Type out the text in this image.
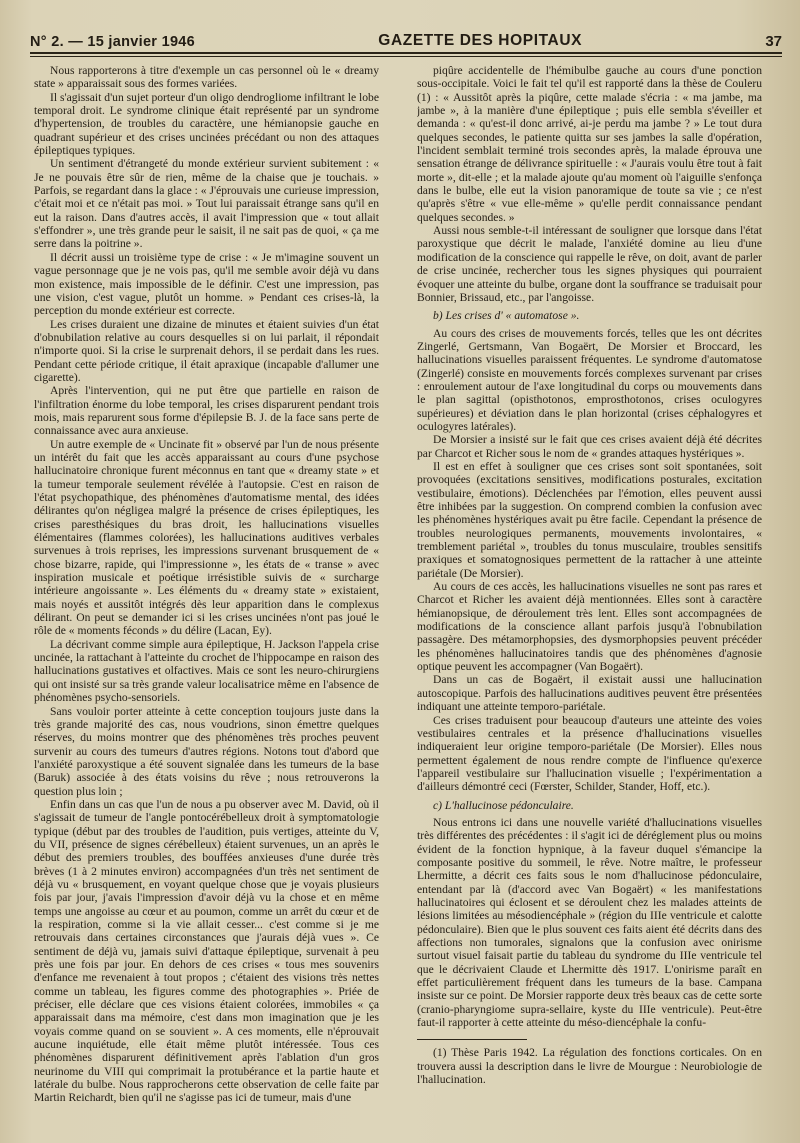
N° 2. — 15 janvier 1946	GAZETTE DES HOPITAUX	37

Nous rapporterons à titre d'exemple un cas personnel où le « dreamy state » apparaissait sous des formes variées.

Il s'agissait d'un sujet porteur d'un oligo dendrogliome infiltrant le lobe temporal droit. Le syndrome clinique était représenté par un syndrome d'hypertension, de troubles du caractère, une hémianopsie gauche en quadrant supérieur et des crises uncinées précédant ou non des attaques épileptiques typiques.

Un sentiment d'étrangeté du monde extérieur survient subitement : « Je ne pouvais être sûr de rien, même de la chaise que je touchais. » Parfois, se regardant dans la glace : « J'éprouvais une curieuse impression, c'était moi et ce n'était pas moi. » Tout lui paraissait étrange sans qu'il en eut la raison. Dans d'autres accès, il avait l'impression que « tout allait s'effondrer », une très grande peur le saisit, il ne sait pas de quoi, « ça me serre dans la poitrine ».

Il décrit aussi un troisième type de crise : « Je m'imagine souvent un vague personnage que je ne vois pas, qu'il me semble avoir déjà vu dans mon existence, mais impossible de le définir. C'est une impression, pas une vision, c'est vague, plutôt un homme. » Pendant ces crises-là, la perception du monde extérieur est correcte.

Les crises duraient une dizaine de minutes et étaient suivies d'un état d'obnubilation relative au cours desquelles si on lui parlait, il répondait n'importe quoi. Si la crise le surprenait dehors, il se perdait dans les rues. Pendant cette période critique, il était apraxique (incapable d'allumer une cigarette).

Après l'intervention, qui ne put être que partielle en raison de l'infiltration énorme du lobe temporal, les crises disparurent pendant trois mois, mais reparurent sous forme d'épilepsie B. J. de la face sans perte de connaissance avec aura anxieuse.

Un autre exemple de « Uncinate fit » observé par l'un de nous présente un intérêt du fait que les accès apparaissant au cours d'une psychose hallucinatoire chronique furent méconnus en tant que « dreamy state » et la tumeur temporale seulement révélée à l'autopsie. C'est en raison de l'état psychopathique, des phénomènes d'automatisme mental, des idées délirantes qu'on négligea malgré la présence de crises épileptiques, les crises paresthésiques du bras droit, les hallucinations visuelles élémentaires (flammes colorées), les hallucinations auditives verbales survenues à trois reprises, les impressions survenant brusquement de « chose bizarre, rapide, qui l'impressionne », les états de « transe » avec inspiration musicale et poétique irrésistible suivis de « surcharge intérieure angoissante ». Les éléments du « dreamy state » existaient, mais noyés et aussitôt intégrés dès leur apparition dans le complexus délirant. On peut se demander ici si les crises uncinées n'ont pas joué le rôle de « moments féconds » du délire (Lacan, Ey).

La décrivant comme simple aura épileptique, H. Jackson l'appela crise uncinée, la rattachant à l'atteinte du crochet de l'hippocampe en raison des hallucinations gustatives et olfactives. Mais ce sont les neuro-chirurgiens qui ont insisté sur sa très grande valeur localisatrice même en l'absence de phénomènes psycho-sensoriels.

Sans vouloir porter atteinte à cette conception toujours juste dans la très grande majorité des cas, nous voudrions, sinon émettre quelques réserves, du moins montrer que des phénomènes très proches peuvent survenir au cours des tumeurs d'autres régions. Notons tout d'abord que l'anxiété paroxystique a été souvent signalée dans les tumeurs de la base (Baruk) associée à des états voisins du rêve ; nous retrouverons la question plus loin ;

Enfin dans un cas que l'un de nous a pu observer avec M. David, où il s'agissait de tumeur de l'angle pontocérébelleux droit à symptomatologie typique (début par des troubles de l'audition, puis vertiges, atteinte du V, du VII, présence de signes cérébelleux) étaient survenues, un an après le début des premiers troubles, des bouffées anxieuses d'une durée très brèves (1 à 2 minutes environ) accompagnées d'un très net sentiment de déjà vu « brusquement, en voyant quelque chose que je voyais plusieurs fois par jour, j'avais l'impression d'avoir déjà vu la chose et en même temps une angoisse au cœur et au poumon, comme un arrêt du cœur et de la respiration, comme si la vie allait cesser... c'est comme si je me retrouvais dans certaines circonstances que j'aurais déjà vues ». Ce sentiment de déjà vu, jamais suivi d'attaque épileptique, survenait à peu près une fois par jour. En dehors de ces crises « tous mes souvenirs d'enfance me revenaient à tout propos ; c'étaient des visions très nettes comme un tableau, les figures comme des photographies ». Priée de préciser, elle déclare que ces visions étaient colorées, immobiles « ça apparaissait dans ma mémoire, c'est dans mon imagination que je les voyais comme quand on se souvient ». A ces moments, elle n'éprouvait aucune inquiétude, elle était même plutôt intéressée. Tous ces phénomènes disparurent définitivement après l'ablation d'un gros neurinome du VIII qui comprimait la protubérance et la partie haute et latérale du bulbe. Nous rapprocherons cette observation de celle faite par Martin Reichardt, bien qu'il ne s'agisse pas ici de tumeur, mais d'une

piqûre accidentelle de l'hémibulbe gauche au cours d'une ponction sous-occipitale. Voici le fait tel qu'il est rapporté dans la thèse de Couleru (1) : « Aussitôt après la piqûre, cette malade s'écria : « ma jambe, ma jambe », à la manière d'une épileptique ; puis elle sembla s'éveiller et demanda : « qu'est-il donc arrivé, ai-je perdu ma jambe ? » Le tout dura quelques secondes, le patiente quitta sur ses jambes la salle d'opération, l'incident semblait terminé trois secondes après, la malade éprouva une sensation étrange de délivrance spirituelle : « J'aurais voulu être tout à fait morte », dit-elle ; et la malade ajoute qu'au moment où l'aiguille s'enfonça dans le bulbe, elle eut la vision panoramique de toute sa vie ; ce n'est qu'après s'être « vue elle-même » qu'elle perdit connaissance pendant quelques secondes. »

Aussi nous semble-t-il intéressant de souligner que lorsque dans l'état paroxystique que décrit le malade, l'anxiété domine au lieu d'une modification de la conscience qui rappelle le rêve, on doit, avant de parler de crise uncinée, rechercher tous les signes physiques qui pourraient évoquer une atteinte du bulbe, organe dont la souffrance se traduisait pour Bonnier, Brissaud, etc., par l'angoisse.

b) Les crises d' « automatose ».

Au cours des crises de mouvements forcés, telles que les ont décrites Zingerlé, Gertsmann, Van Bogaërt, De Morsier et Broccard, les hallucinations visuelles paraissent fréquentes. Le syndrome d'automatose (Zingerlé) consiste en mouvements forcés complexes survenant par crises : enroulement autour de l'axe longitudinal du corps ou mouvements dans le plan sagittal (opisthotonos, emprosthotonos, crises oculogyres supérieures) et déviation dans le plan horizontal (crises céphalogyres et oculogyres latérales).

De Morsier a insisté sur le fait que ces crises avaient déjà été décrites par Charcot et Richer sous le nom de « grandes attaques hystériques ».

Il est en effet à souligner que ces crises sont soit spontanées, soit provoquées (excitations sensitives, modifications posturales, excitation vestibulaire, émotions). Déclenchées par l'émotion, elles peuvent aussi être inhibées par la suggestion. On comprend combien la confusion avec les phénomènes hystériques avait pu être facile. Cependant la présence de troubles neurologiques permanents, mouvements involontaires, « tremblement pariétal », troubles du tonus musculaire, troubles sensitifs praxiques et somatognosiques permettent de la rattacher à une atteinte pariétale (De Morsier).

Au cours de ces accès, les hallucinations visuelles ne sont pas rares et Charcot et Richer les avaient déjà mentionnées. Elles sont à caractère hémianopsique, de déroulement très lent. Elles sont accompagnées de modifications de la conscience allant parfois jusqu'à l'obnubilation passagère. Des métamorphopsies, des dysmorphopsies peuvent précéder les phénomènes hallucinatoires tandis que des phénomènes d'agnosie optique peuvent les accompagner (Van Bogaërt).

Dans un cas de Bogaërt, il existait aussi une hallucination autoscopique. Parfois des hallucinations auditives peuvent être présentées indiquant une atteinte temporo-pariétale.

Ces crises traduisent pour beaucoup d'auteurs une atteinte des voies vestibulaires centrales et la présence d'hallucinations visuelles indiqueraient leur origine temporo-pariétale (De Morsier). Elles nous permettent également de nous rendre compte de l'influence qu'exerce l'appareil vestibulaire sur l'hallucination visuelle ; l'expérimentation a d'ailleurs démontré ceci (Fœrster, Schilder, Stander, Hoff, etc.).

c) L'hallucinose pédonculaire.

Nous entrons ici dans une nouvelle variété d'hallucinations visuelles très différentes des précédentes : il s'agit ici de déréglement plus ou moins évident de la fonction hypnique, à la faveur duquel s'émancipe la composante positive du sommeil, le rêve. Notre maître, le professeur Lhermitte, a décrit ces faits sous le nom d'hallucinose pédonculaire, entendant par là (d'accord avec Van Bogaërt) « les manifestations hallucinatoires qui éclosent et se déroulent chez les malades atteints de lésions limitées au mésodiencéphale » (région du IIIe ventricule et calotte pédonculaire). Bien que le plus souvent ces faits aient été décrits dans des affections non tumorales, signalons que la confusion avec onirisme surtout visuel faisait partie du tableau du syndrome du IIIe ventricule tel que le décrivaient Claude et Lhermitte dès 1917. L'onirisme paraît en effet particulièrement fréquent dans les tumeurs de la base. Campana insiste sur ce point. De Morsier rapporte deux très beaux cas de cette sorte (cranio-pharyngiome supra-sellaire, kyste du IIIe ventricule). Peut-être faut-il rapporter à cette atteinte du méso-diencéphale la confu-

(1) Thèse Paris 1942. La régulation des fonctions corticales. On en trouvera aussi la description dans le livre de Mourgue : Neurobiologie de l'hallucination.
